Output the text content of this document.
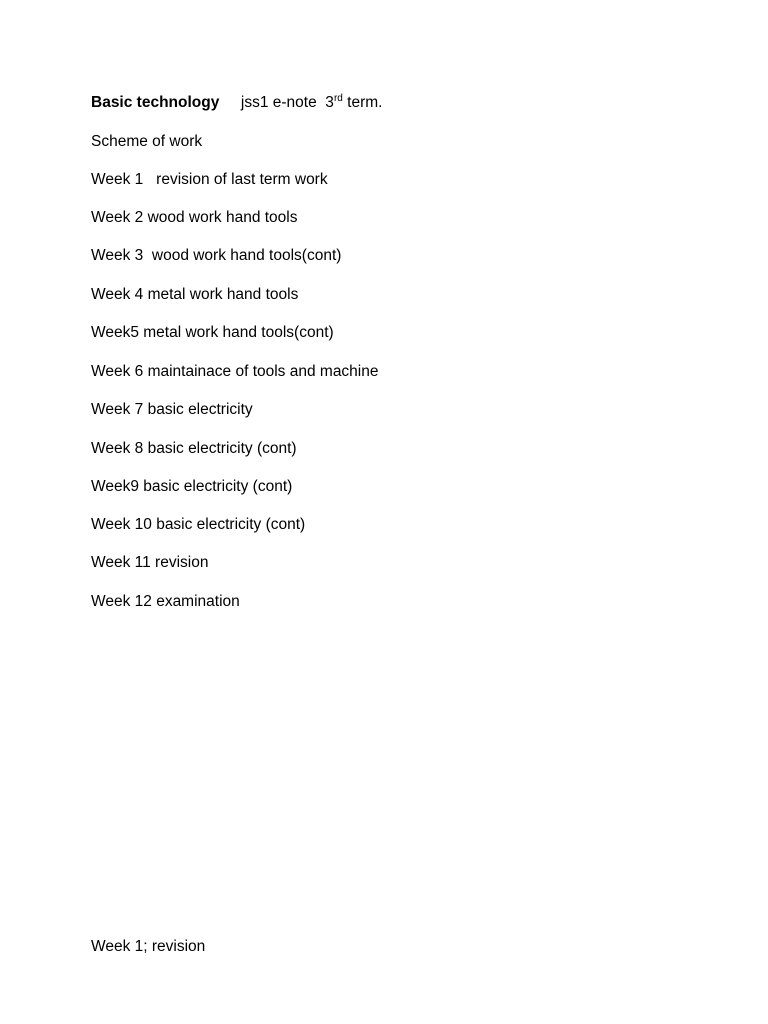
Basic technology     jss1 e-note  3rd term.
Scheme of work
Week 1   revision of last term work
Week 2 wood work hand tools
Week 3  wood work hand tools(cont)
Week 4 metal work hand tools
Week5 metal work hand tools(cont)
Week 6 maintainace of tools and machine
Week 7 basic electricity
Week 8 basic electricity (cont)
Week9 basic electricity (cont)
Week 10 basic electricity (cont)
Week 11 revision
Week 12 examination
Week 1; revision
